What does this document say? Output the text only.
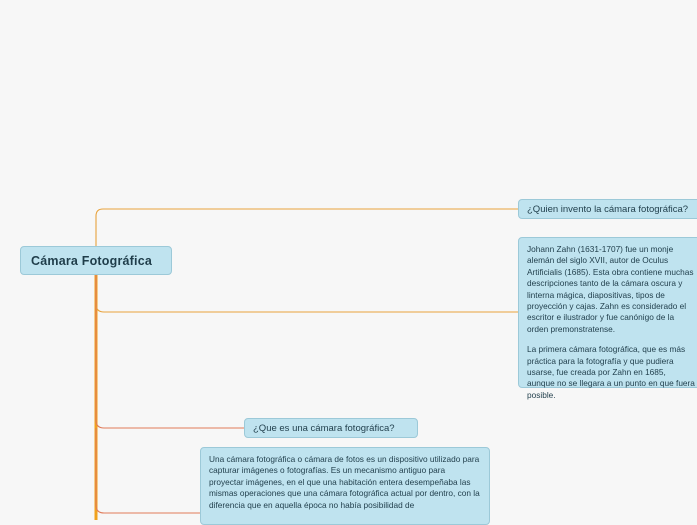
Cámara Fotográfica
¿Quien invento la cámara fotográfica?

Johann Zahn (1631-1707) fue un monje alemán del siglo XVII, autor de Oculus Artificialis (1685). Esta obra contiene muchas descripciones tanto de la cámara oscura y linterna mágica, diapositivas, tipos de proyección y cajas. Zahn es considerado el escritor e ilustrador y fue canónigo de la orden premonstratense.

La primera cámara fotográfica, que es más práctica para la fotografía y que pudiera usarse, fue creada por Zahn en 1685, aunque no se llegara a un punto en que fuera posible.

¿Que es una cámara fotográfica?

Una cámara fotográfica o cámara de fotos es un dispositivo utilizado para capturar imágenes o fotografías. Es un mecanismo antiguo para proyectar imágenes, en el que una habitación entera desempeñaba las mismas operaciones que una cámara fotográfica actual por dentro, con la diferencia que en aquella época no había posibilidad de
